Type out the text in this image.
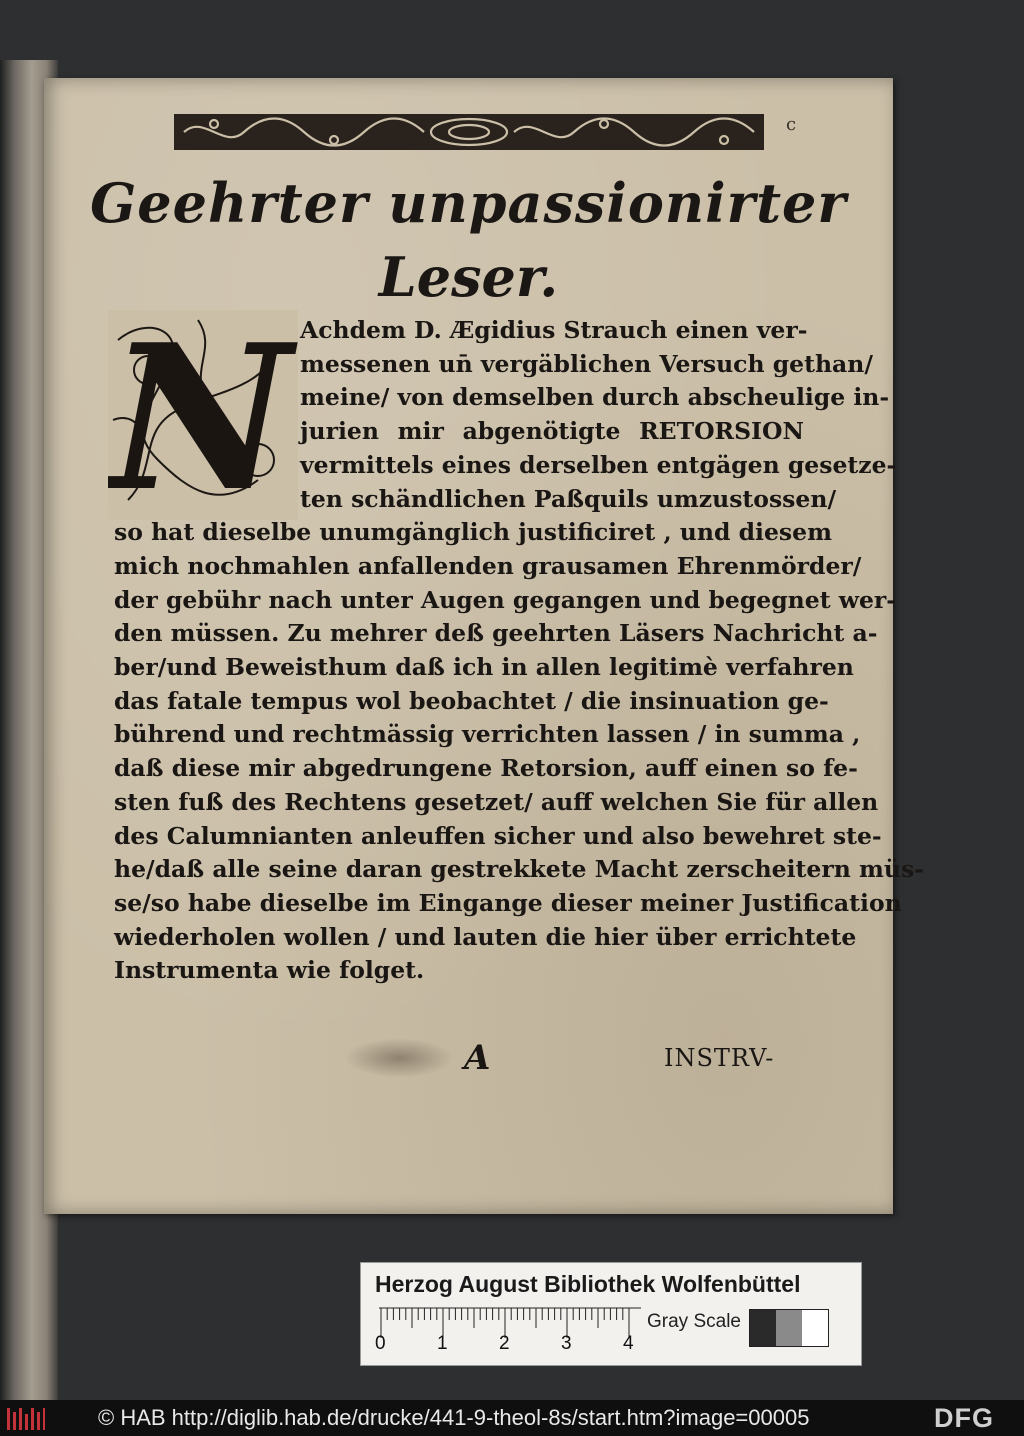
c
Geehrter unpassionirter
Leser.
N Achdem D. Ægidius Strauch einen ver-
messenen un̄ vergäblichen Versuch gethan/
meine/ von demselben durch abscheulige in-
jurien mir abgenötigte RETORSION
vermittels eines derselben entgägen gesetze-
ten schändlichen Paßquils umzustossen/
so hat dieselbe unumgänglich justificiret , und diesem
mich nochmahlen anfallenden grausamen Ehrenmörder/
der gebühr nach unter Augen gegangen und begegnet wer-
den müssen. Zu mehrer deß geehrten Läsers Nachricht a-
ber/und Beweisthum daß ich in allen legitimè verfahren
das fatale tempus wol beobachtet / die insinuation ge-
bührend und rechtmässig verrichten lassen / in summa ,
daß diese mir abgedrungene Retorsion, auff einen so fe-
sten fuß des Rechtens gesetzet/ auff welchen Sie für allen
des Calumnianten anleuffen sicher und also bewehret ste-
he/daß alle seine daran gestrekkete Macht zerscheitern müs-
se/so habe dieselbe im Eingange dieser meiner Justification
wiederholen wollen / und lauten die hier über errichtete
Instrumenta wie folget.
A	INSTRV-
Herzog August Bibliothek Wolfenbüttel
Gray Scale
0	1	2	3	4
© HAB http://diglib.hab.de/drucke/441-9-theol-8s/start.htm?image=00005	DFG
